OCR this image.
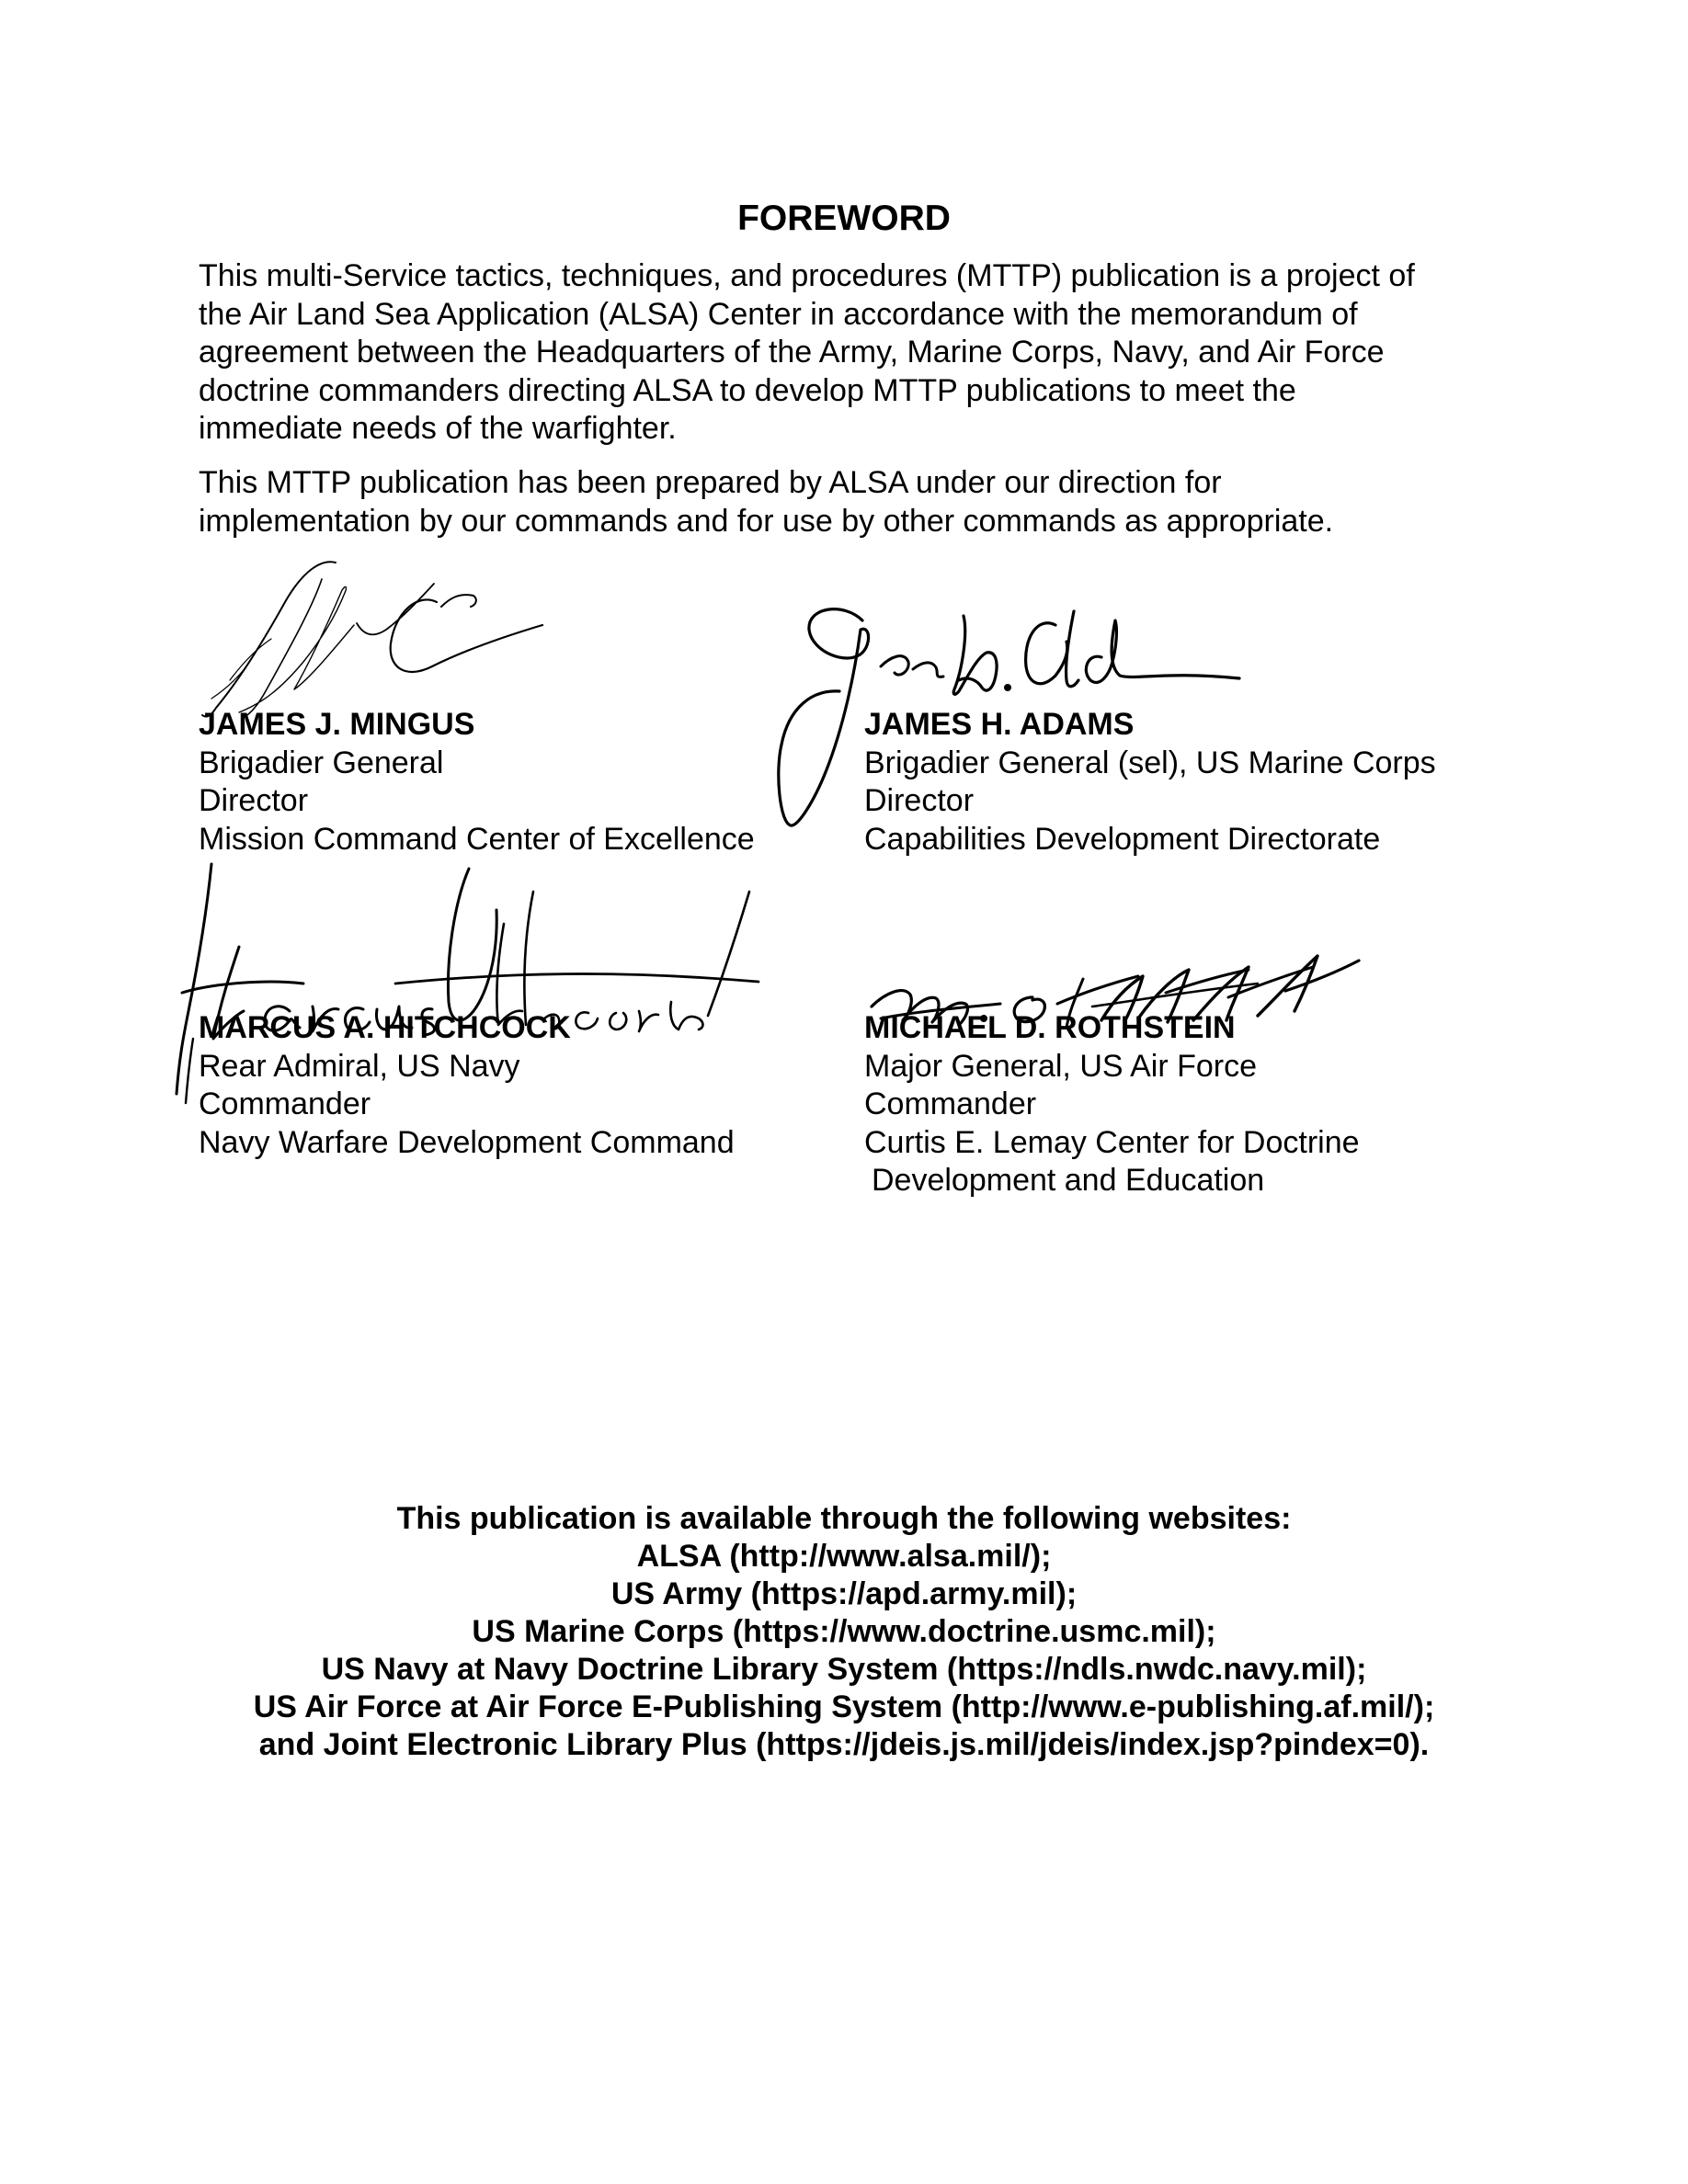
FOREWORD
This multi-Service tactics, techniques, and procedures (MTTP) publication is a project of
the Air Land Sea Application (ALSA) Center in accordance with the memorandum of
agreement between the Headquarters of the Army, Marine Corps, Navy, and Air Force
doctrine commanders directing ALSA to develop MTTP publications to meet the
immediate needs of the warfighter.
This MTTP publication has been prepared by ALSA under our direction for
implementation by our commands and for use by other commands as appropriate.
JAMES J. MINGUS
Brigadier General
Director
Mission Command Center of Excellence
JAMES H. ADAMS
Brigadier General (sel), US Marine Corps
Director
Capabilities Development Directorate
MARCUS A. HITCHCOCK
Rear Admiral, US Navy
Commander
Navy Warfare Development Command
MICHAEL D. ROTHSTEIN
Major General, US Air Force
Commander
Curtis E. Lemay Center for Doctrine
Development and Education
This publication is available through the following websites:
ALSA (http://www.alsa.mil/);
US Army (https://apd.army.mil);
US Marine Corps (https://www.doctrine.usmc.mil);
US Navy at Navy Doctrine Library System (https://ndls.nwdc.navy.mil);
US Air Force at Air Force E-Publishing System (http://www.e-publishing.af.mil/);
and Joint Electronic Library Plus (https://jdeis.js.mil/jdeis/index.jsp?pindex=0).
